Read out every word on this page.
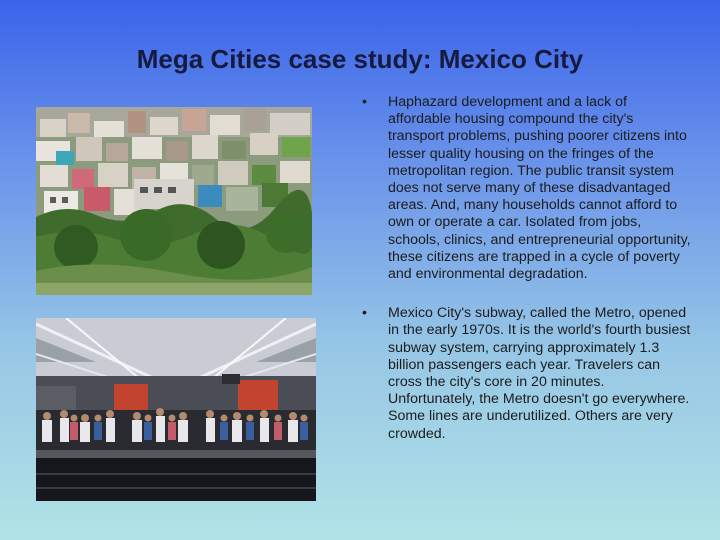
Mega Cities case study: Mexico City
•	Haphazard development and a lack of affordable housing compound the city's transport problems, pushing poorer citizens into lesser quality housing on the fringes of the metropolitan region. The public transit system does not serve many of these disadvantaged areas. And, many households cannot afford to own or operate a car. Isolated from jobs, schools, clinics, and entrepreneurial opportunity, these citizens are trapped in a cycle of poverty and environmental degradation.
•	Mexico City's subway, called the Metro, opened in the early 1970s. It is the world's fourth busiest subway system, carrying approximately 1.3 billion passengers each year. Travelers can cross the city's core in 20 minutes. Unfortunately, the Metro doesn't go everywhere. Some lines are underutilized. Others are very crowded.
